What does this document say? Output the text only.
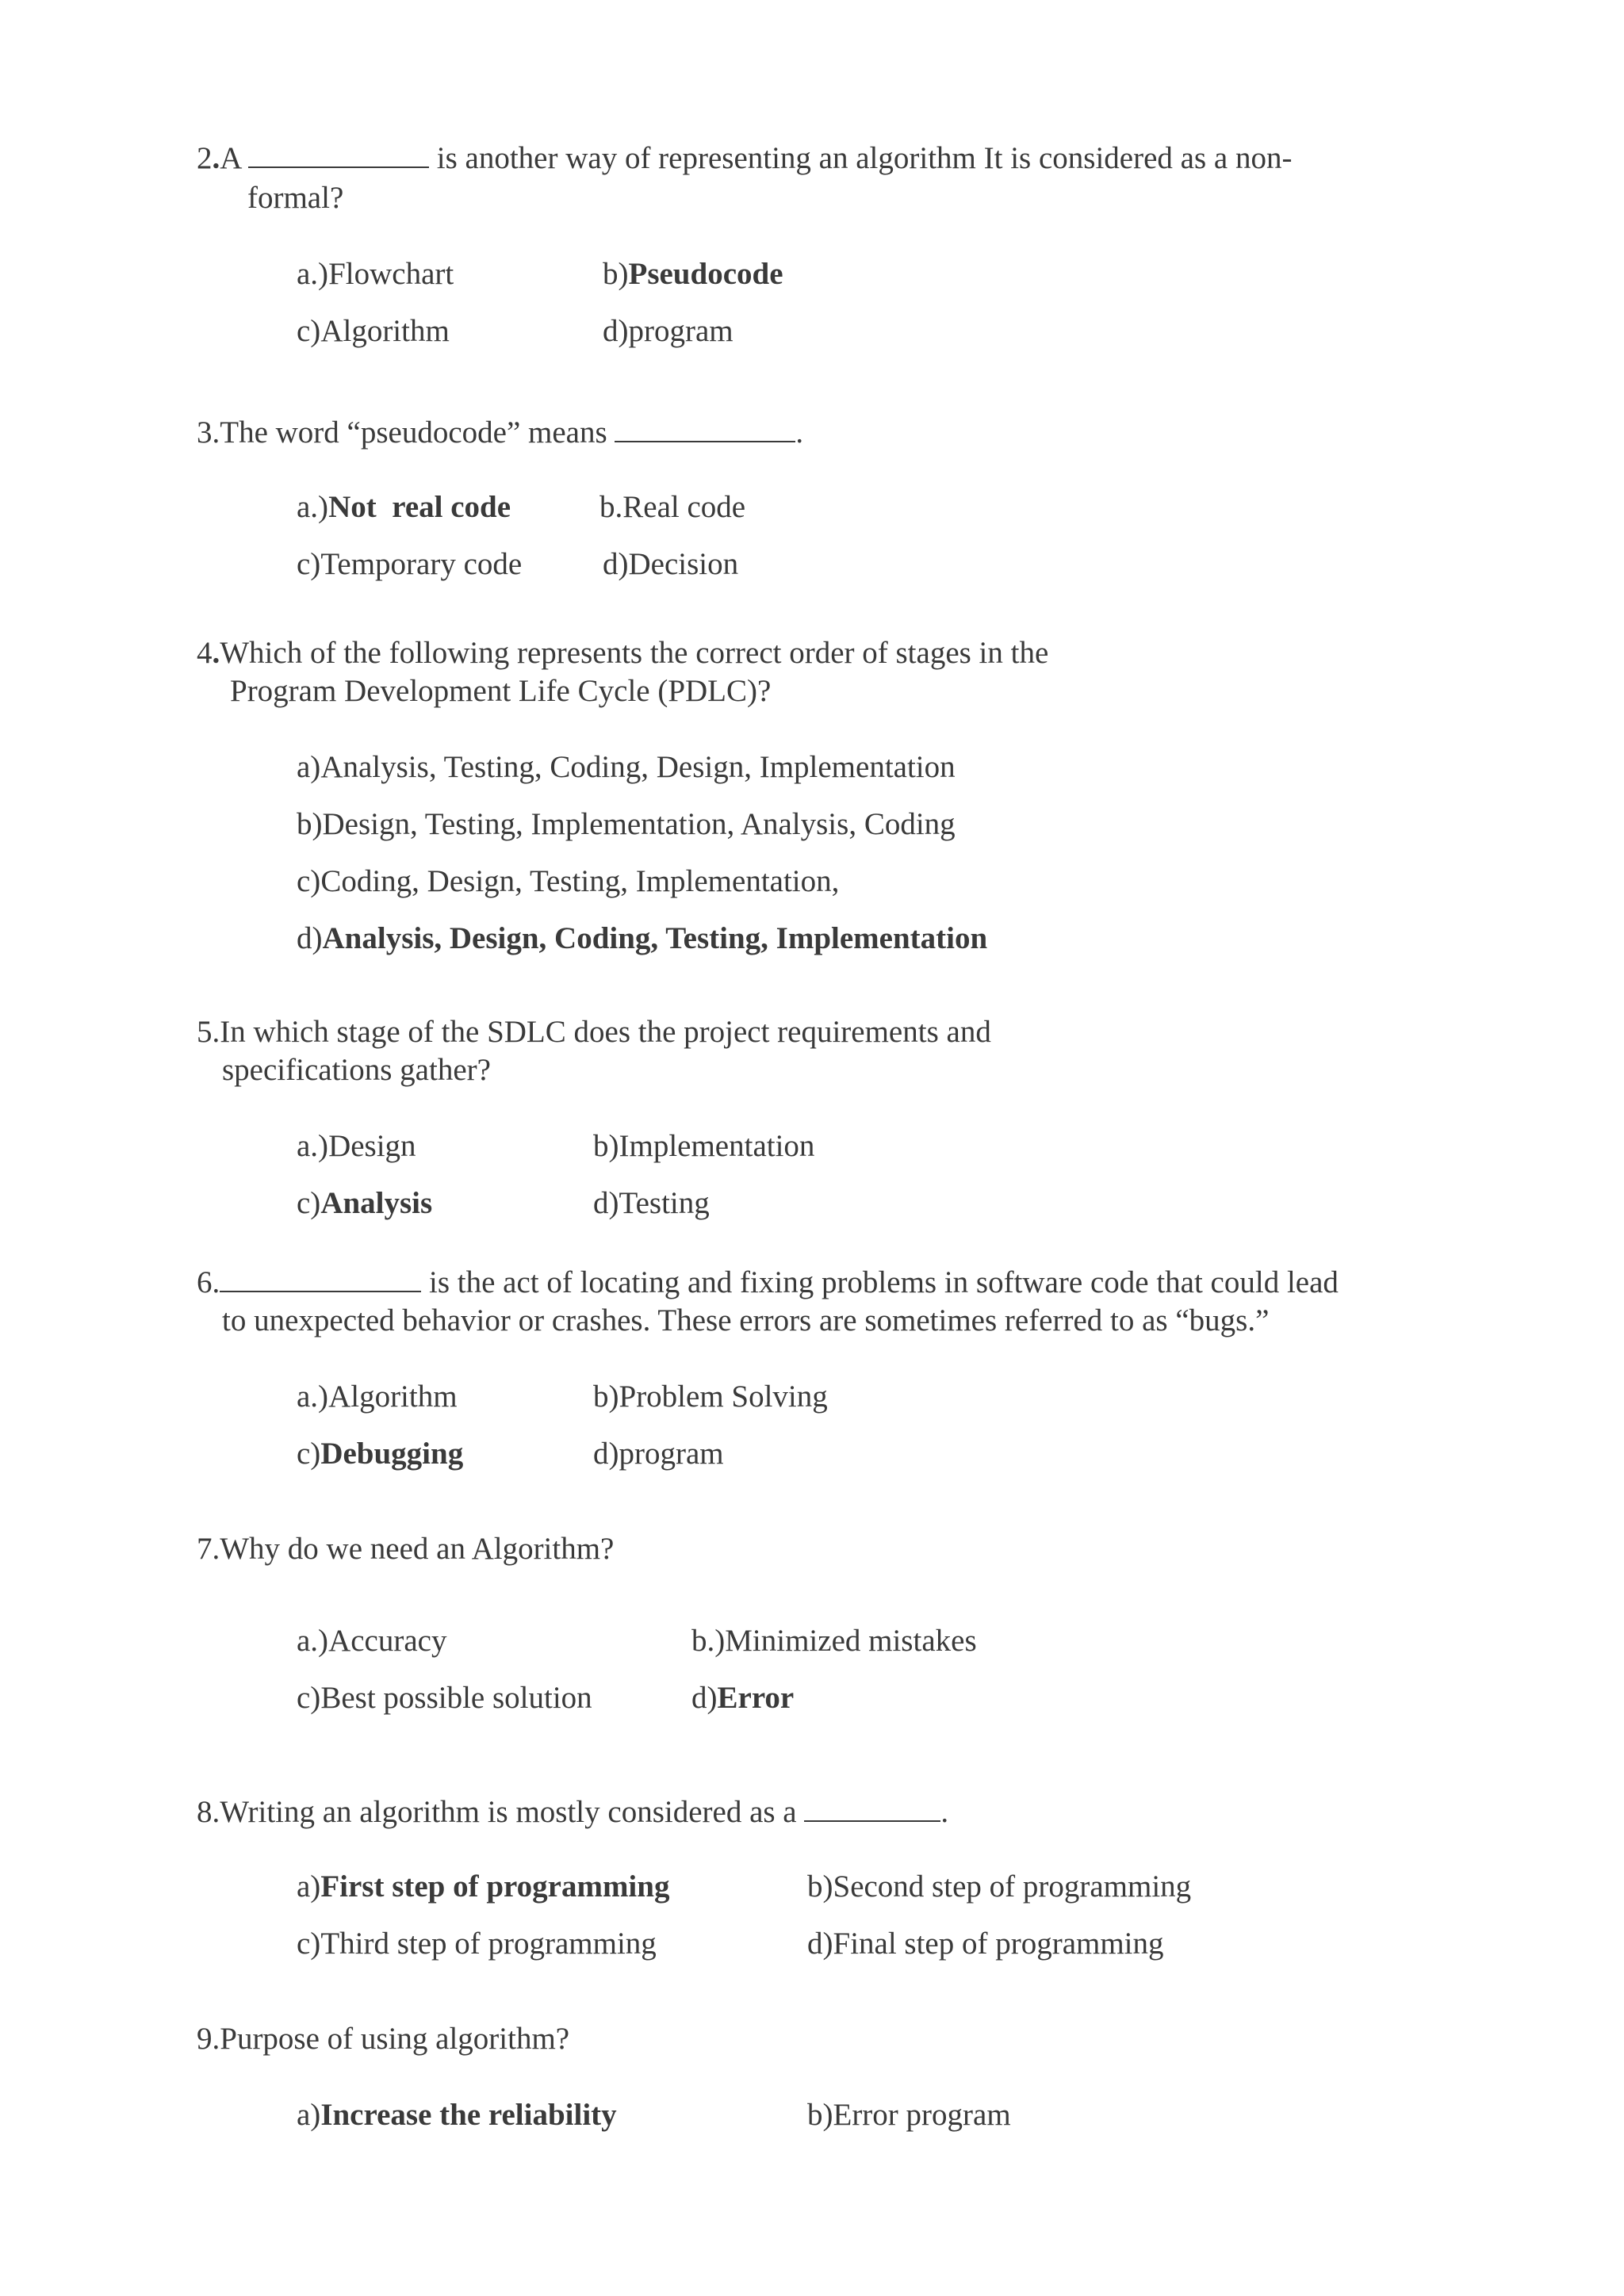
2.A	is another way of representing an algorithm It is considered as a non-
formal?
a.)Flowchart	b)Pseudocode
c)Algorithm	d)program
3.The word “pseudocode” means	.
a.)Not  real code	b.Real code
c)Temporary code	d)Decision
4.Which of the following represents the correct order of stages in the
Program Development Life Cycle (PDLC)?
a)Analysis, Testing, Coding, Design, Implementation
b)Design, Testing, Implementation, Analysis, Coding
c)Coding, Design, Testing, Implementation,
d)Analysis, Design, Coding, Testing, Implementation
5.In which stage of the SDLC does the project requirements and
specifications gather?
a.)Design	b)Implementation
c)Analysis	d)Testing
6.	is the act of locating and fixing problems in software code that could lead
to unexpected behavior or crashes. These errors are sometimes referred to as “bugs.”
a.)Algorithm	b)Problem Solving
c)Debugging	d)program
7.Why do we need an Algorithm?
a.)Accuracy	b.)Minimized mistakes
c)Best possible solution	d)Error
8.Writing an algorithm is mostly considered as a	.
a)First step of programming	b)Second step of programming
c)Third step of programming	d)Final step of programming
9.Purpose of using algorithm?
a)Increase the reliability	b)Error program
